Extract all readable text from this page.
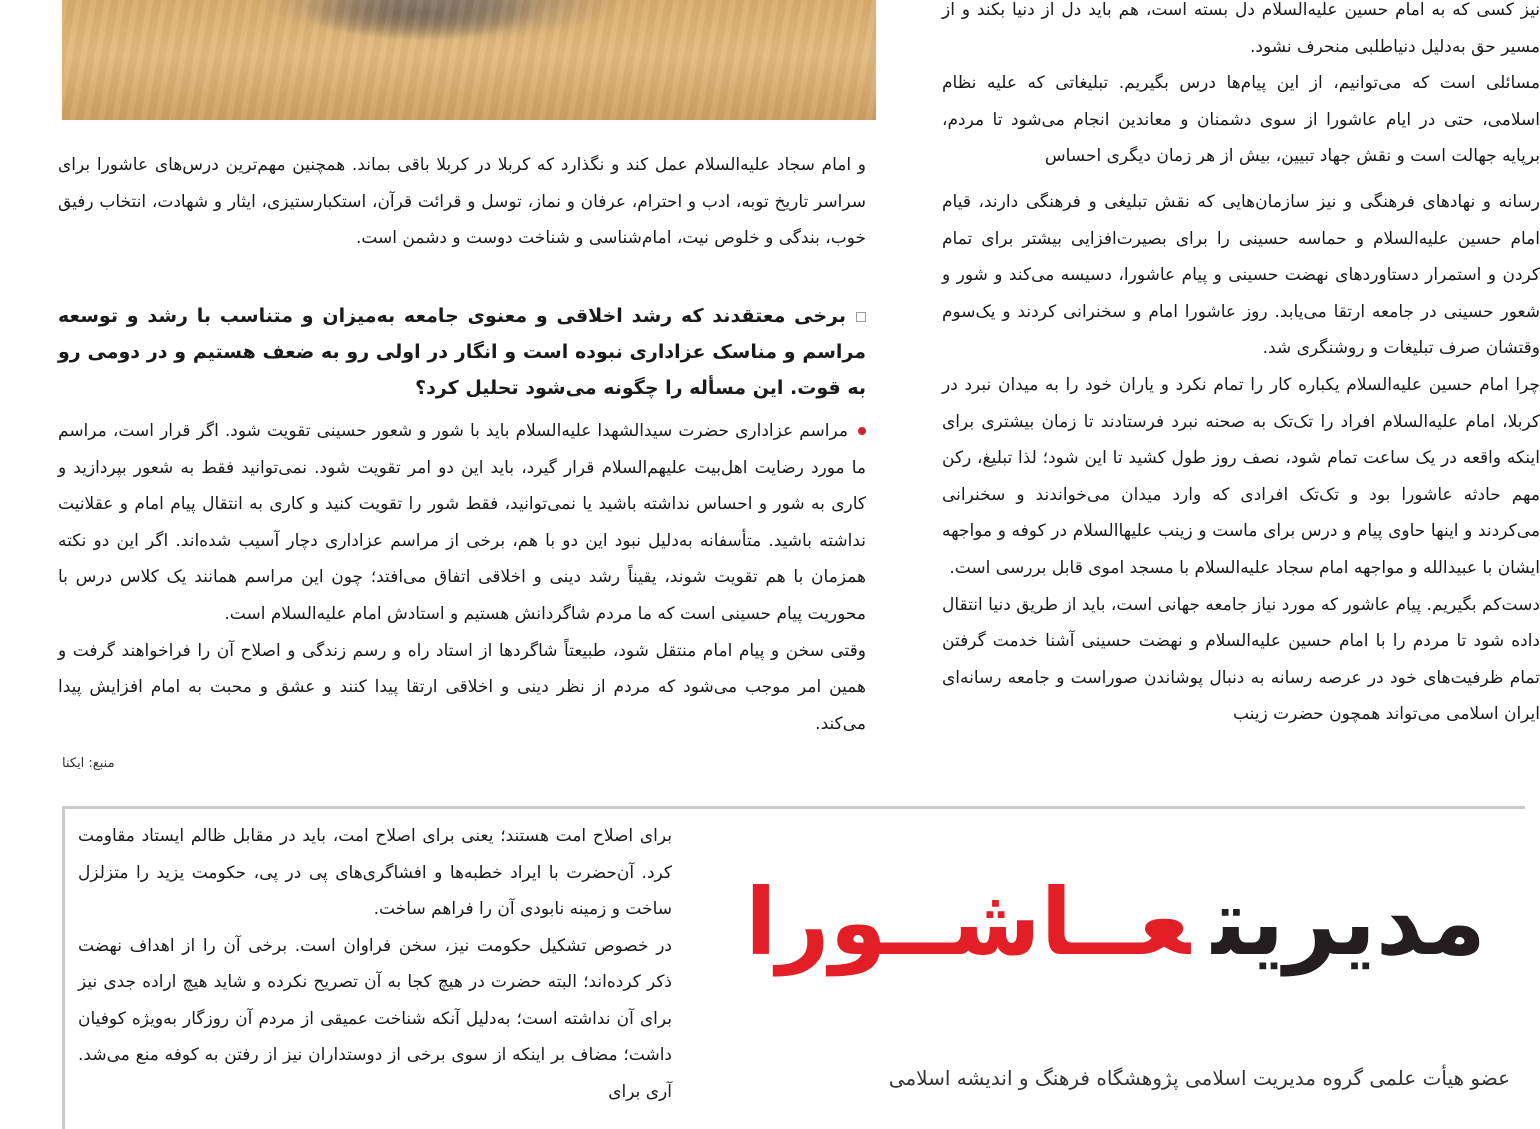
نیز کسی که به امام حسین علیه‌السلام دل بسته است، هم باید دل از دنیا بکند و از مسیر حق به‌دلیل دنیاطلبی منحرف نشود.

مسائلی است که می‌توانیم، از این پیام‌ها درس بگیریم. تبلیغاتی که علیه نظام اسلامی، حتی در ایام عاشورا از سوی دشمنان و معاندین انجام می‌شود تا مردم، برپایه جهالت است و نقش جهاد تبیین، بیش از هر زمان دیگری احساس

رسانه و نهادهای فرهنگی و نیز سازمان‌هایی که نقش تبلیغی و فرهنگی دارند، قیام امام حسین علیه‌السلام و حماسه حسینی را برای بصیرت‌افزایی بیشتر برای تمام کردن و استمرار دستاوردهای نهضت حسینی و پیام عاشورا، دسیسه می‌کند و شور و شعور حسینی در جامعه ارتقا می‌یابد. روز عاشورا امام و سخنرانی کردند و یک‌سوم وقتشان صرف تبلیغات و روشنگری شد.

چرا امام حسین علیه‌السلام یکباره کار را تمام نکرد و یاران خود را به میدان نبرد در کربلا، امام علیه‌السلام افراد را تک‌تک به صحنه نبرد فرستادند تا زمان بیشتری برای اینکه واقعه در یک ساعت تمام شود، نصف روز طول کشید تا این شود؛ لذا تبلیغ، رکن مهم حادثه عاشورا بود و تک‌تک افرادی که وارد میدان می‌خواندند و سخنرانی می‌کردند و اینها حاوی پیام و درس برای ماست و زینب علیهاالسلام در کوفه و مواجهه ایشان با عبیدالله و مواجهه امام سجاد علیه‌السلام با مسجد اموی قابل بررسی است.

دست‌کم بگیریم. پیام عاشور که مورد نیاز جامعه جهانی است، باید از طریق دنیا انتقال داده شود تا مردم را با امام حسین علیه‌السلام و نهضت حسینی آشنا خدمت گرفتن تمام ظرفیت‌های خود در عرصه رسانه به دنبال پوشاندن صوراست و جامعه رسانه‌ای ایران اسلامی می‌تواند همچون حضرت زینب

و امام سجاد علیه‌السلام عمل کند و نگذارد که کربلا در کربلا باقی بماند. همچنین مهم‌ترین درس‌های عاشورا برای سراسر تاریخ توبه، ادب و احترام، عرفان و نماز، توسل و قرائت قرآن، استکبارستیزی، ایثار و شهادت، انتخاب رفیق خوب، بندگی و خلوص نیت، امام‌شناسی و شناخت دوست و دشمن است.

برخی معتقدند که رشد اخلاقی و معنوی جامعه به‌میزان و متناسب با رشد و توسعه مراسم و مناسک عزاداری نبوده است و انگار در اولی رو به ضعف هستیم و در دومی رو به قوت. این مسأله را چگونه می‌شود تحلیل کرد؟

مراسم عزاداری حضرت سیدالشهدا علیه‌السلام باید با شور و شعور حسینی تقویت شود. اگر قرار است، مراسم ما مورد رضایت اهل‌بیت علیهم‌السلام قرار گیرد، باید این دو امر تقویت شود. نمی‌توانید فقط به شعور بپردازید و کاری به شور و احساس نداشته باشید یا نمی‌توانید، فقط شور را تقویت کنید و کاری به انتقال پیام امام و عقلانیت نداشته باشید. متأسفانه به‌دلیل نبود این دو با هم، برخی از مراسم عزاداری دچار آسیب شده‌اند. اگر این دو نکته همزمان با هم تقویت شوند، یقیناً رشد دینی و اخلاقی اتفاق می‌افتد؛ چون این مراسم همانند یک کلاس درس با محوریت پیام حسینی است که ما مردم شاگردانش هستیم و استادش امام علیه‌السلام است.

وقتی سخن و پیام امام منتقل شود، طبیعتاً شاگردها از استاد راه و رسم زندگی و اصلاح آن را فراخواهند گرفت و همین امر موجب می‌شود که مردم از نظر دینی و اخلاقی ارتقا پیدا کنند و عشق و محبت به امام افزایش پیدا می‌کند.

منبع: ایکنا

برای اصلاح امت هستند؛ یعنی برای اصلاح امت، باید در مقابل ظالم ایستاد مقاومت کرد. آن‌حضرت با ایراد خطبه‌ها و افشاگری‌های پی در پی، حکومت یزید را متزلزل ساخت و زمینه نابودی آن را فراهم ساخت.

در خصوص تشکیل حکومت نیز، سخن فراوان است. برخی آن را از اهداف نهضت ذکر کرده‌اند؛ البته حضرت در هیچ کجا به آن تصریح نکرده و شاید هیچ اراده جدی نیز برای آن نداشته است؛ به‌دلیل آنکه شناخت عمیقی از مردم آن روزگار به‌ویژه کوفیان داشت؛ مضاف بر اینکه از سوی برخی از دوستداران نیز از رفتن به کوفه منع می‌شد. آری برای

مدیریتعــاشــورا
عضو هیأت علمی گروه مدیریت اسلامی پژوهشگاه فرهنگ و اندیشه اسلامی
